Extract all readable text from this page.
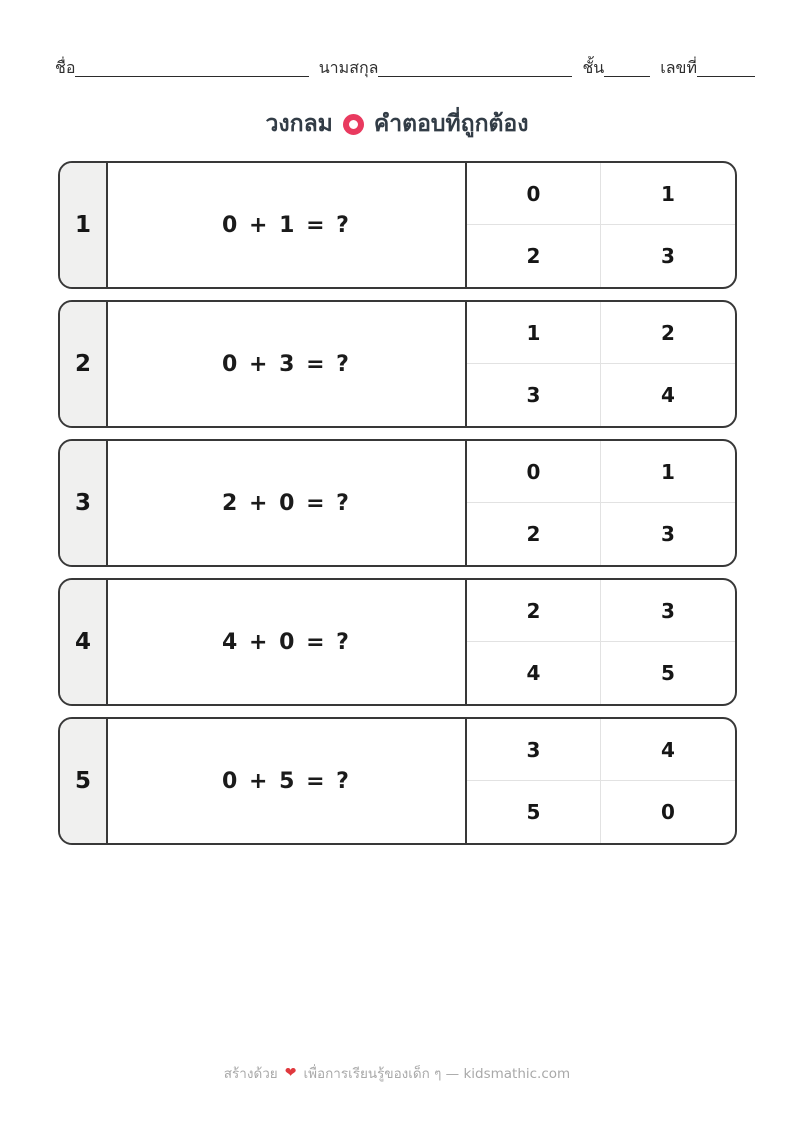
ชื่อ	นามสกุล	ชั้น	เลขที่
วงกลม คำตอบที่ถูกต้อง
1	0 + 1 = ?
0	1
2	3
2	0 + 3 = ?
1	2
3	4
3	2 + 0 = ?
0	1
2	3
4	4 + 0 = ?
2	3
4	5
5	0 + 5 = ?
3	4
5	0
สร้างด้วย ❤ เพื่อการเรียนรู้ของเด็ก ๆ — kidsmathic.com
